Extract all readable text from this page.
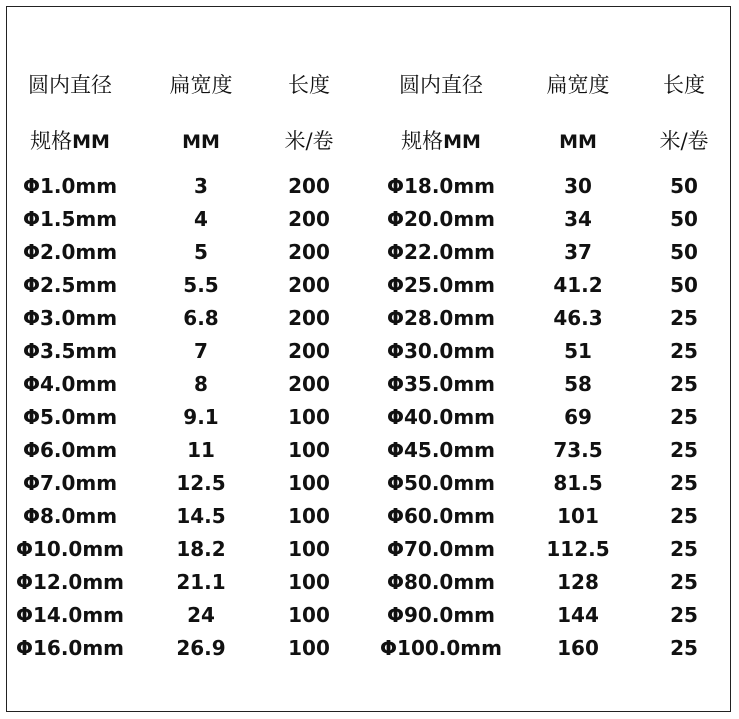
圆内直径	扁宽度	长度	圆内直径	扁宽度	长度
规格MM	MM	米/卷	规格MM	MM	米/卷
Φ1.0mm	3	200	Φ18.0mm	30	50
Φ1.5mm	4	200	Φ20.0mm	34	50
Φ2.0mm	5	200	Φ22.0mm	37	50
Φ2.5mm	5.5	200	Φ25.0mm	41.2	50
Φ3.0mm	6.8	200	Φ28.0mm	46.3	25
Φ3.5mm	7	200	Φ30.0mm	51	25
Φ4.0mm	8	200	Φ35.0mm	58	25
Φ5.0mm	9.1	100	Φ40.0mm	69	25
Φ6.0mm	11	100	Φ45.0mm	73.5	25
Φ7.0mm	12.5	100	Φ50.0mm	81.5	25
Φ8.0mm	14.5	100	Φ60.0mm	101	25
Φ10.0mm	18.2	100	Φ70.0mm	112.5	25
Φ12.0mm	21.1	100	Φ80.0mm	128	25
Φ14.0mm	24	100	Φ90.0mm	144	25
Φ16.0mm	26.9	100	Φ100.0mm	160	25
